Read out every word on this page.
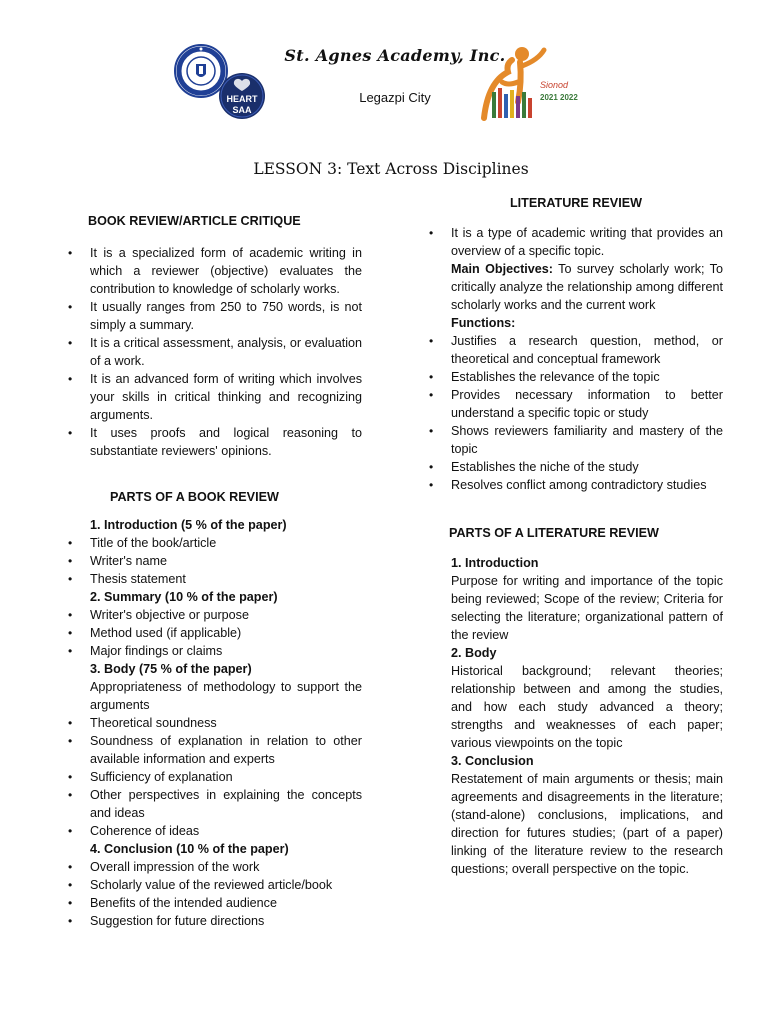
HEART
SAA
Sionod
2021 2022
St. Agnes Academy, Inc.
Legazpi City
LESSON 3: Text Across Disciplines
BOOK REVIEW/ARTICLE CRITIQUE
• It is a specialized form of academic writing in which a reviewer (objective) evaluates the contribution to knowledge of scholarly works.
• It usually ranges from 250 to 750 words, is not simply a summary.
• It is a critical assessment, analysis, or evaluation of a work.
• It is an advanced form of writing which involves your skills in critical thinking and recognizing arguments.
• It uses proofs and logical reasoning to substantiate reviewers' opinions.
PARTS OF A BOOK REVIEW
1. Introduction (5 % of the paper)
• Title of the book/article
• Writer's name
• Thesis statement
2. Summary (10 % of the paper)
• Writer's objective or purpose
• Method used (if applicable)
• Major findings or claims
3. Body (75 % of the paper)
Appropriateness of methodology to support the arguments
• Theoretical soundness
• Soundness of explanation in relation to other available information and experts
• Sufficiency of explanation
• Other perspectives in explaining the concepts and ideas
• Coherence of ideas
4. Conclusion (10 % of the paper)
• Overall impression of the work
• Scholarly value of the reviewed article/book
• Benefits of the intended audience
• Suggestion for future directions
LITERATURE REVIEW
• It is a type of academic writing that provides an overview of a specific topic.
Main Objectives: To survey scholarly work; To critically analyze the relationship among different scholarly works and the current work
Functions:
• Justifies a research question, method, or theoretical and conceptual framework
• Establishes the relevance of the topic
• Provides necessary information to better understand a specific topic or study
• Shows reviewers familiarity and mastery of the topic
• Establishes the niche of the study
• Resolves conflict among contradictory studies
PARTS OF A LITERATURE REVIEW
1. Introduction
Purpose for writing and importance of the topic being reviewed; Scope of the review; Criteria for selecting the literature; organizational pattern of the review
2. Body
Historical background; relevant theories; relationship between and among the studies, and how each study advanced a theory; strengths and weaknesses of each paper; various viewpoints on the topic
3. Conclusion
Restatement of main arguments or thesis; main agreements and disagreements in the literature; (stand-alone) conclusions, implications, and direction for futures studies; (part of a paper) linking of the literature review to the research questions; overall perspective on the topic.
